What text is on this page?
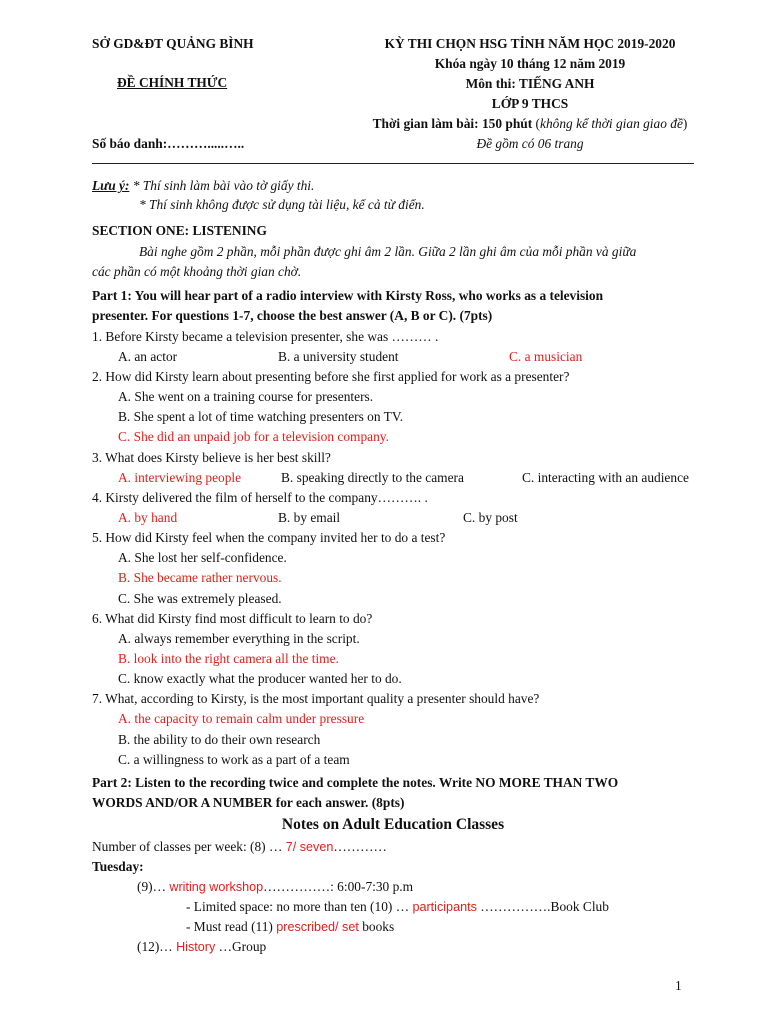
SỞ GD&ĐT QUẢNG BÌNH
ĐỀ CHÍNH THỨC
Số báo danh:……….....…..
KỲ THI CHỌN HSG TỈNH NĂM HỌC 2019-2020
Khóa ngày 10 tháng 12 năm 2019
Môn thi: TIẾNG ANH
LỚP 9 THCS
Thời gian làm bài: 150 phút (không kể thời gian giao đề)
Đề gồm có 06 trang
Lưu ý: * Thí sinh làm bài vào tờ giấy thi.
* Thí sinh không được sử dụng tài liệu, kể cả từ điển.
SECTION ONE: LISTENING
Bài nghe gồm 2 phần, mỗi phần được ghi âm 2 lần. Giữa 2 lần ghi âm của mỗi phần và giữa
các phần có một khoảng thời gian chờ.
Part 1: You will hear part of a radio interview with Kirsty Ross, who works as a television
presenter. For questions 1-7, choose the best answer (A, B or C). (7pts)
1. Before Kirsty became a television presenter, she was ……… .
A. an actor	B. a university student	C. a musician
2. How did Kirsty learn about presenting before she first applied for work as a presenter?
A. She went on a training course for presenters.
B. She spent a lot of time watching presenters on TV.
C. She did an unpaid job for a television company.
3. What does Kirsty believe is her best skill?
A. interviewing people	B. speaking directly to the camera	C. interacting with an audience
4. Kirsty delivered the film of herself to the company………. .
A. by hand	B. by email	C. by post
5. How did Kirsty feel when the company invited her to do a test?
A. She lost her self-confidence.
B. She became rather nervous.
C. She was extremely pleased.
6. What did Kirsty find most difficult to learn to do?
A. always remember everything in the script.
B. look into the right camera all the time.
C. know exactly what the producer wanted her to do.
7. What, according to Kirsty, is the most important quality a presenter should have?
A. the capacity to remain calm under pressure
B. the ability to do their own research
C. a willingness to work as a part of a team
Part 2: Listen to the recording twice and complete the notes. Write NO MORE THAN TWO
WORDS AND/OR A NUMBER for each answer. (8pts)
Notes on Adult Education Classes
Number of classes per week: (8) … 7/ seven…………
Tuesday:
(9)… writing workshop……………: 6:00-7:30 p.m
- Limited space: no more than ten (10) … participants …………….Book Club
- Must read (11) prescribed/ set books
(12)… History …Group
1
